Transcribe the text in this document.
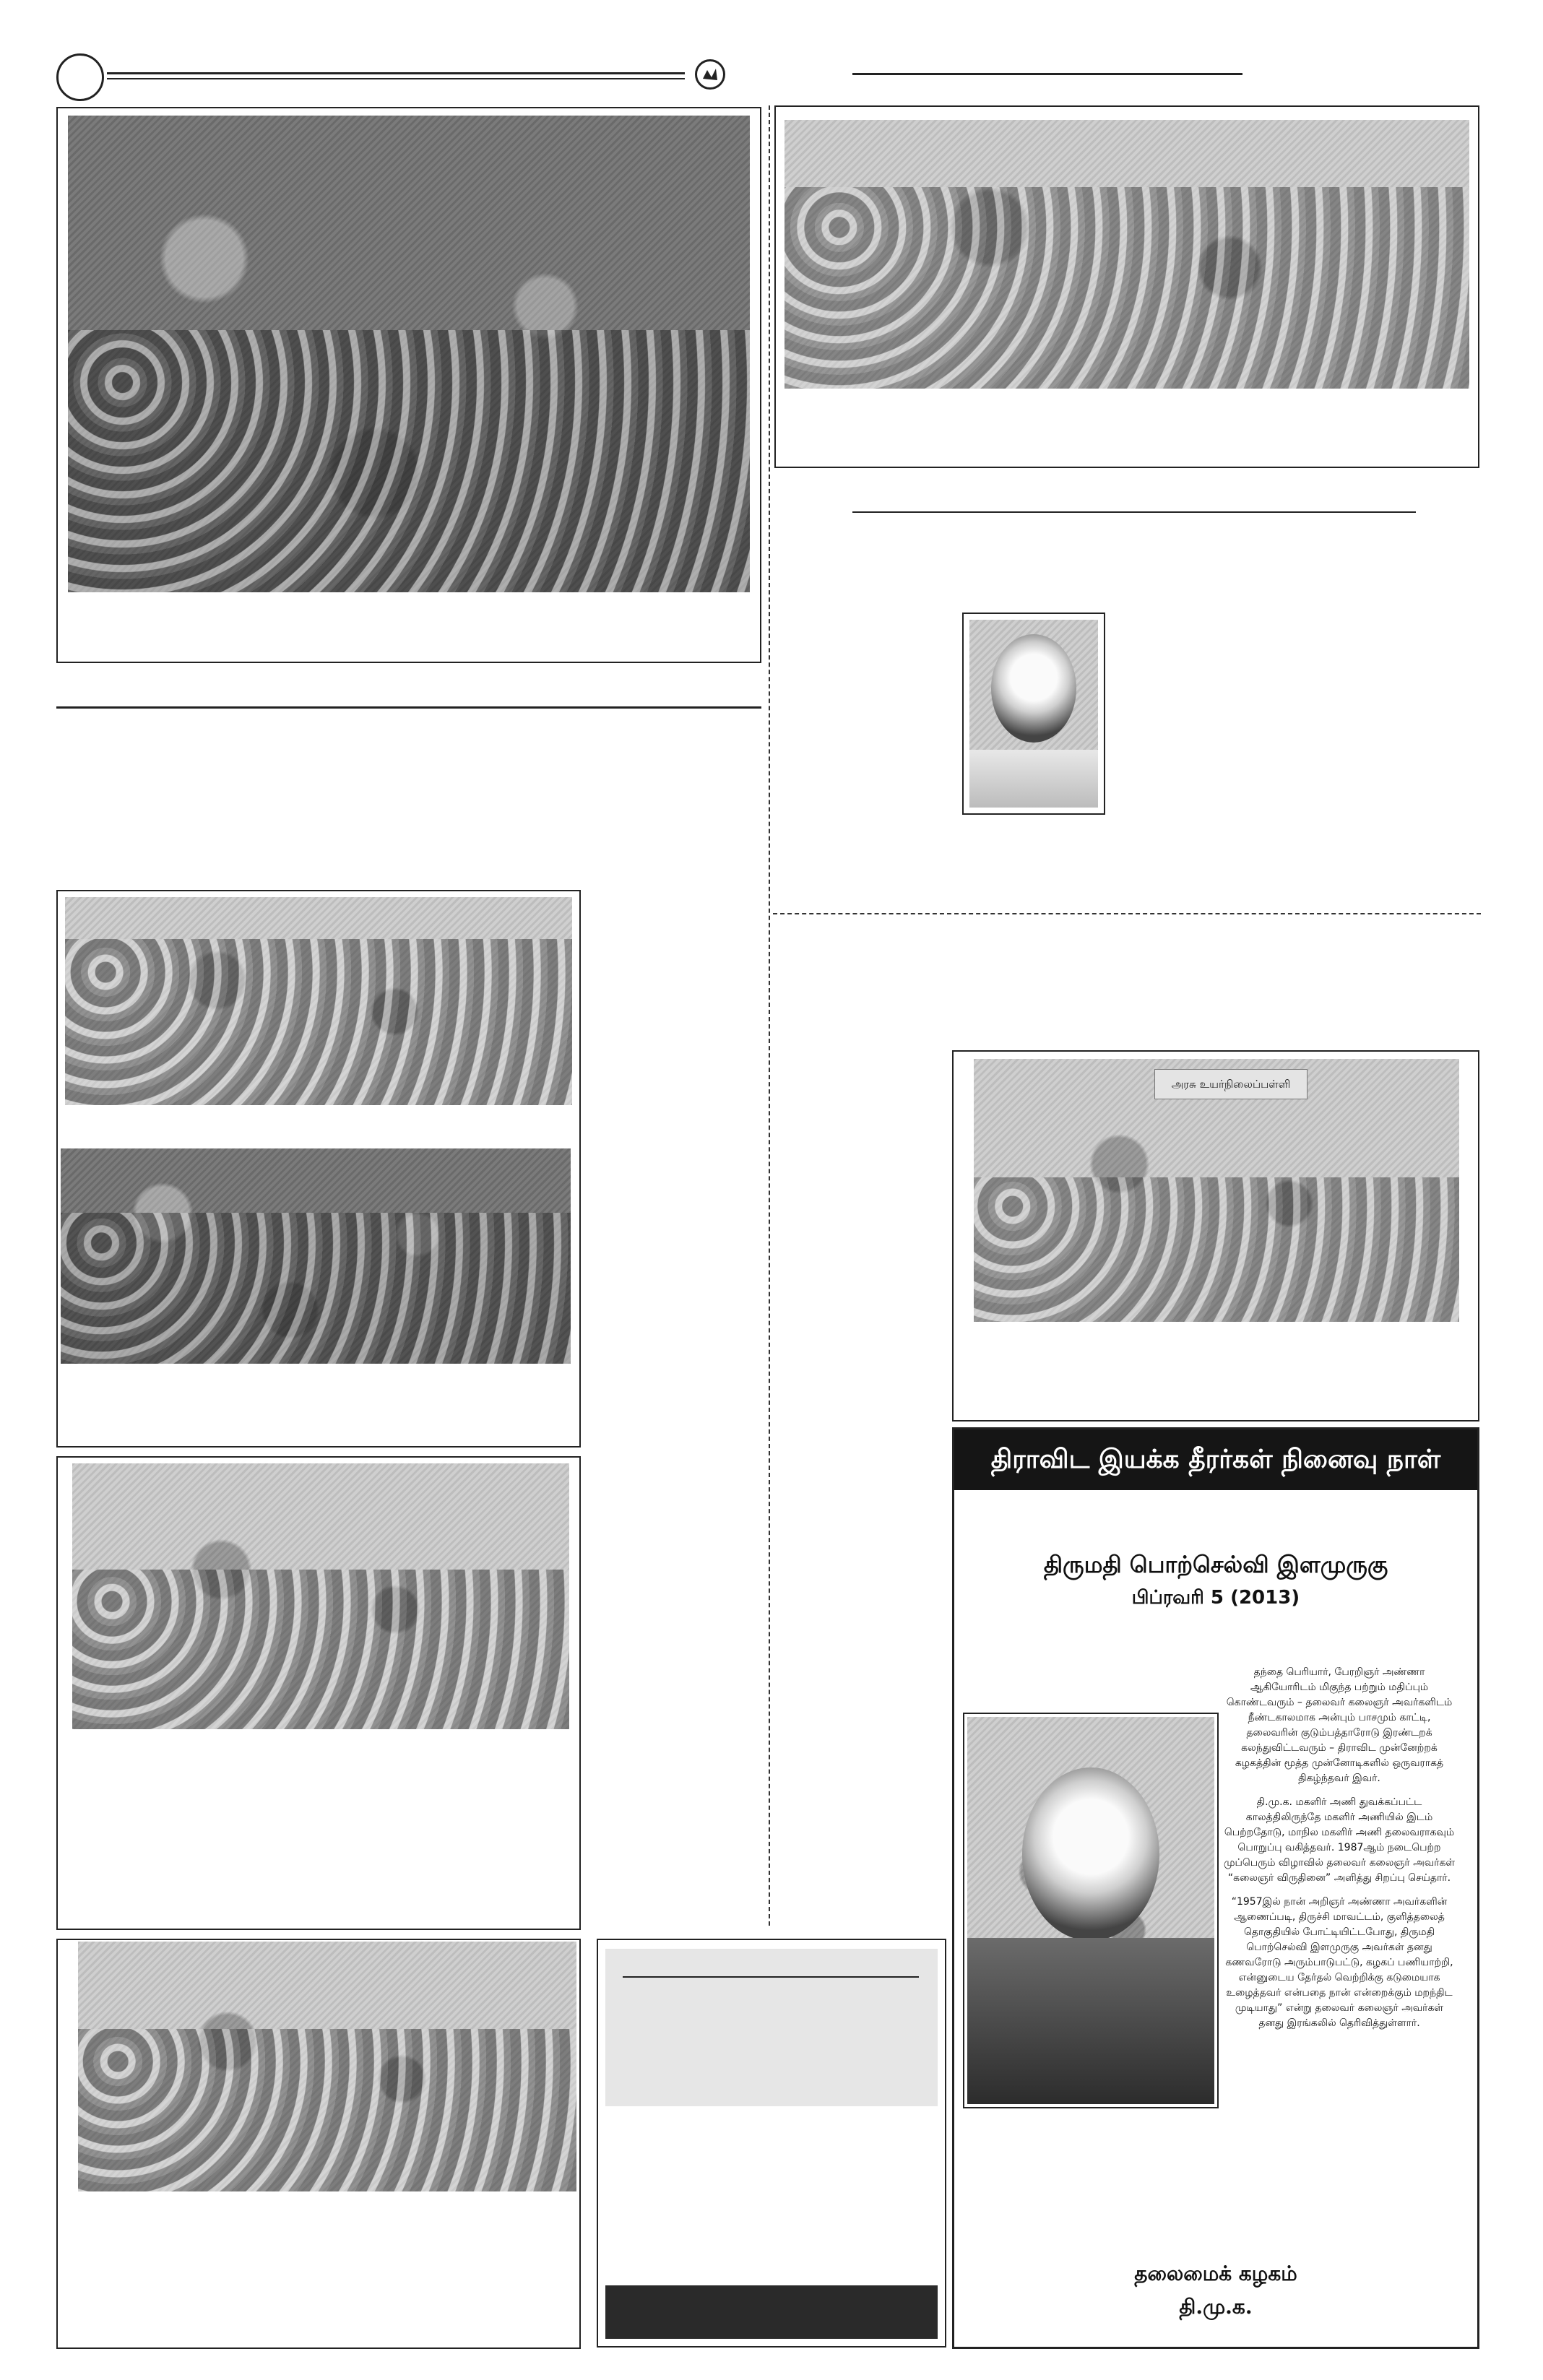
அரசு உயர்நிலைப்பள்ளி
திராவிட இயக்க தீரர்கள் நினைவு நாள்
திருமதி பொற்செல்வி இளமுருகு
பிப்ரவரி 5 (2013)

தந்தை பெரியார், பேரறிஞர் அண்ணா ஆகியோரிடம் மிகுந்த பற்றும் மதிப்பும் கொண்டவரும் – தலைவர் கலைஞர் அவர்களிடம் நீண்டகாலமாக அன்பும் பாசமும் காட்டி, தலைவரின் குடும்பத்தாரோடு இரண்டறக் கலந்துவிட்டவரும் – திராவிட முன்னேற்றக் கழகத்தின் மூத்த முன்னோடிகளில் ஒருவராகத் திகழ்ந்தவர் இவர்.

தி.மு.க. மகளிர் அணி துவக்கப்பட்ட காலத்திலிருந்தே மகளிர் அணியில் இடம் பெற்றதோடு, மாநில மகளிர் அணி தலைவராகவும் பொறுப்பு வகித்தவர். 1987ஆம் நடைபெற்ற முப்பெரும் விழாவில் தலைவர் கலைஞர் அவர்கள் “கலைஞர் விருதினை” அளித்து சிறப்பு செய்தார்.

“1957இல் நான் அறிஞர் அண்ணா அவர்களின் ஆணைப்படி, திருச்சி மாவட்டம், குளித்தலைத் தொகுதியில் போட்டியிட்டபோது, திருமதி பொற்செல்வி இளமுருகு அவர்கள் தனது கணவரோடு அரும்பாடுபட்டு, கழகப் பணியாற்றி, என்னுடைய தேர்தல் வெற்றிக்கு கடுமையாக உழைத்தவர் என்பதை நான் என்றைக்கும் மறந்திட முடியாது” என்று தலைவர் கலைஞர் அவர்கள் தனது இரங்கலில் தெரிவித்துள்ளார்.

தலைமைக் கழகம்
தி.மு.க.
